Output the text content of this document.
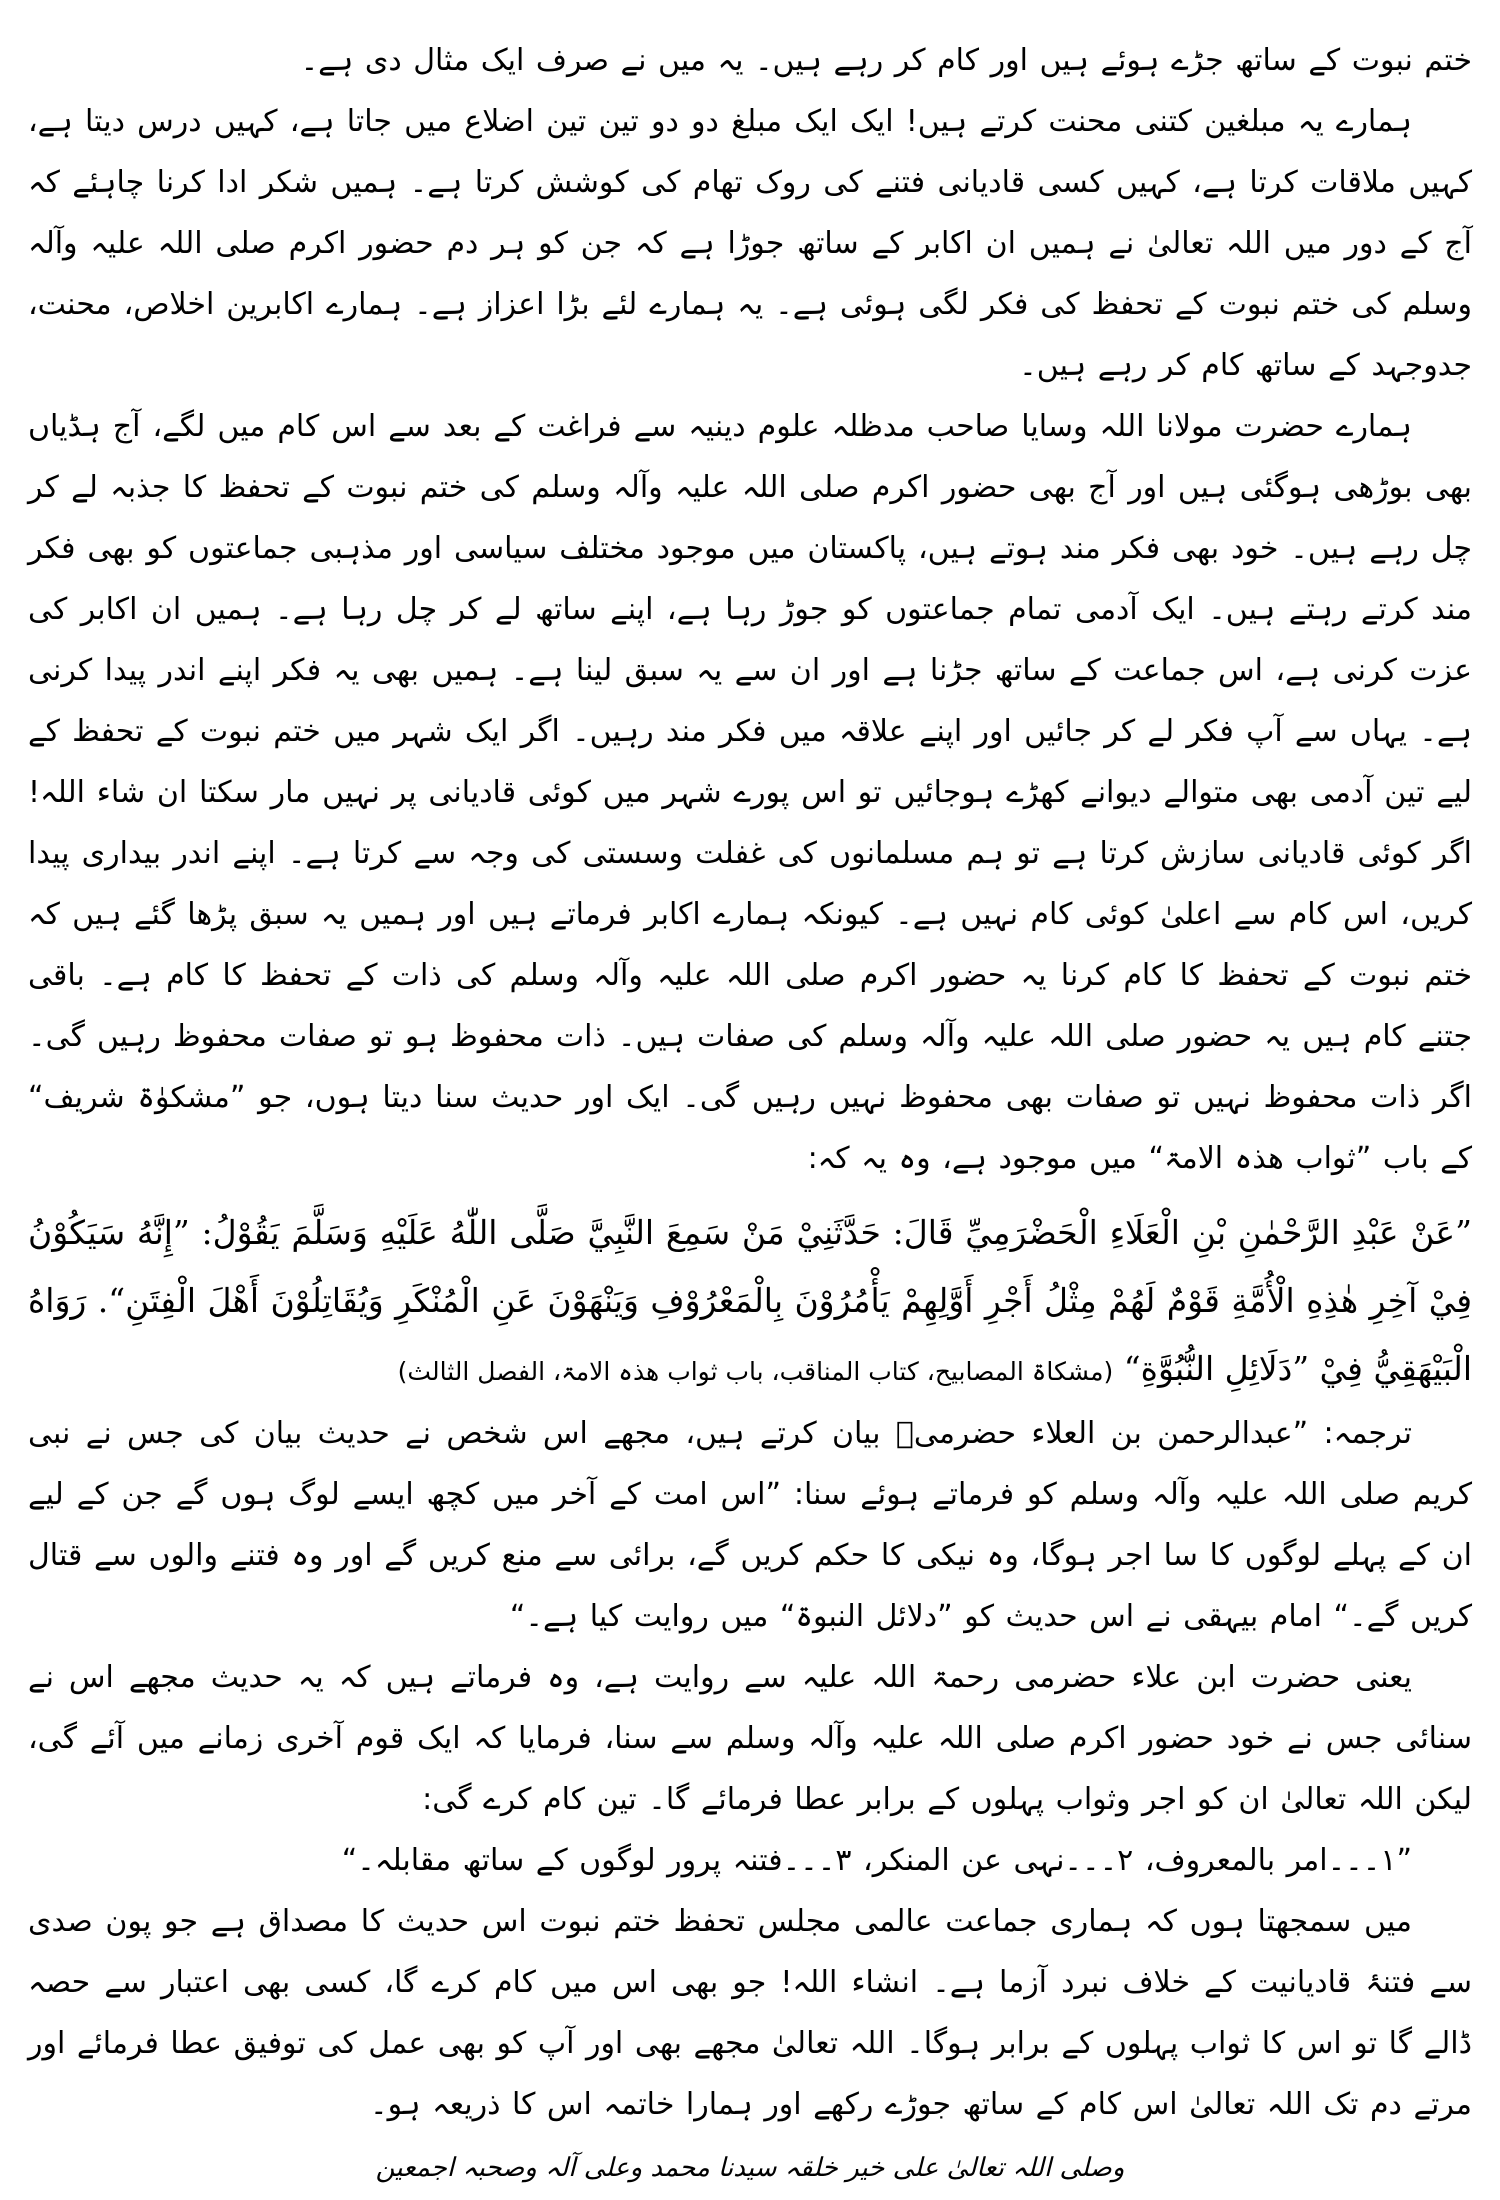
ختم نبوت کے ساتھ جڑے ہوئے ہیں اور کام کر رہے ہیں۔ یہ میں نے صرف ایک مثال دی ہے۔

ہمارے یہ مبلغین کتنی محنت کرتے ہیں! ایک ایک مبلغ دو دو تین تین اضلاع میں جاتا ہے، کہیں درس دیتا ہے، کہیں ملاقات کرتا ہے، کہیں کسی قادیانی فتنے کی روک تھام کی کوشش کرتا ہے۔ ہمیں شکر ادا کرنا چاہئے کہ آج کے دور میں اللہ تعالیٰ نے ہمیں ان اکابر کے ساتھ جوڑا ہے کہ جن کو ہر دم حضور اکرم صلی اللہ علیہ وآلہ وسلم کی ختم نبوت کے تحفظ کی فکر لگی ہوئی ہے۔ یہ ہمارے لئے بڑا اعزاز ہے۔ ہمارے اکابرین اخلاص، محنت، جدوجہد کے ساتھ کام کر رہے ہیں۔

ہمارے حضرت مولانا اللہ وسایا صاحب مدظلہ علوم دینیہ سے فراغت کے بعد سے اس کام میں لگے، آج ہڈیاں بھی بوڑھی ہوگئی ہیں اور آج بھی حضور اکرم صلی اللہ علیہ وآلہ وسلم کی ختم نبوت کے تحفظ کا جذبہ لے کر چل رہے ہیں۔ خود بھی فکر مند ہوتے ہیں، پاکستان میں موجود مختلف سیاسی اور مذہبی جماعتوں کو بھی فکر مند کرتے رہتے ہیں۔ ایک آدمی تمام جماعتوں کو جوڑ رہا ہے، اپنے ساتھ لے کر چل رہا ہے۔ ہمیں ان اکابر کی عزت کرنی ہے، اس جماعت کے ساتھ جڑنا ہے اور ان سے یہ سبق لینا ہے۔ ہمیں بھی یہ فکر اپنے اندر پیدا کرنی ہے۔ یہاں سے آپ فکر لے کر جائیں اور اپنے علاقہ میں فکر مند رہیں۔ اگر ایک شہر میں ختم نبوت کے تحفظ کے لیے تین آدمی بھی متوالے دیوانے کھڑے ہوجائیں تو اس پورے شہر میں کوئی قادیانی پر نہیں مار سکتا ان شاء اللہ! اگر کوئی قادیانی سازش کرتا ہے تو ہم مسلمانوں کی غفلت وسستی کی وجہ سے کرتا ہے۔ اپنے اندر بیداری پیدا کریں، اس کام سے اعلیٰ کوئی کام نہیں ہے۔ کیونکہ ہمارے اکابر فرماتے ہیں اور ہمیں یہ سبق پڑھا گئے ہیں کہ ختم نبوت کے تحفظ کا کام کرنا یہ حضور اکرم صلی اللہ علیہ وآلہ وسلم کی ذات کے تحفظ کا کام ہے۔ باقی جتنے کام ہیں یہ حضور صلی اللہ علیہ وآلہ وسلم کی صفات ہیں۔ ذات محفوظ ہو تو صفات محفوظ رہیں گی۔ اگر ذات محفوظ نہیں تو صفات بھی محفوظ نہیں رہیں گی۔ ایک اور حدیث سنا دیتا ہوں، جو ”مشکوٰۃ شریف“ کے باب ”ثواب ھذہ الامۃ“ میں موجود ہے، وہ یہ کہ:

”عَنْ عَبْدِ الرَّحْمٰنِ بْنِ الْعَلَاءِ الْحَضْرَمِيِّ قَالَ: حَدَّثَنِيْ مَنْ سَمِعَ النَّبِيَّ صَلَّى اللّٰهُ عَلَيْهِ وَسَلَّمَ يَقُوْلُ: ”إِنَّهُ سَيَكُوْنُ فِيْ آخِرِ هٰذِهِ الْأُمَّةِ قَوْمٌ لَهُمْ مِثْلُ أَجْرِ أَوَّلِهِمْ يَأْمُرُوْنَ بِالْمَعْرُوْفِ وَيَنْهَوْنَ عَنِ الْمُنْكَرِ وَيُقَاتِلُوْنَ أَهْلَ الْفِتَنِ“. رَوَاهُ الْبَيْهَقِيُّ فِيْ ”دَلَائِلِ النُّبُوَّةِ“ (مشکاۃ المصابیح، کتاب المناقب، باب ثواب ھذہ الامۃ، الفصل الثالث)

ترجمہ: ”عبدالرحمن بن العلاء حضرمیؒ بیان کرتے ہیں، مجھے اس شخص نے حدیث بیان کی جس نے نبی کریم صلی اللہ علیہ وآلہ وسلم کو فرماتے ہوئے سنا: ”اس امت کے آخر میں کچھ ایسے لوگ ہوں گے جن کے لیے ان کے پہلے لوگوں کا سا اجر ہوگا، وہ نیکی کا حکم کریں گے، برائی سے منع کریں گے اور وہ فتنے والوں سے قتال کریں گے۔“ امام بیہقی نے اس حدیث کو ”دلائل النبوۃ“ میں روایت کیا ہے۔“

یعنی حضرت ابن علاء حضرمی رحمۃ اللہ علیہ سے روایت ہے، وہ فرماتے ہیں کہ یہ حدیث مجھے اس نے سنائی جس نے خود حضور اکرم صلی اللہ علیہ وآلہ وسلم سے سنا، فرمایا کہ ایک قوم آخری زمانے میں آئے گی، لیکن اللہ تعالیٰ ان کو اجر وثواب پہلوں کے برابر عطا فرمائے گا۔ تین کام کرے گی:

”۱۔۔۔امر بالمعروف، ۲۔۔۔نہی عن المنکر، ۳۔۔۔فتنہ پرور لوگوں کے ساتھ مقابلہ۔“

میں سمجھتا ہوں کہ ہماری جماعت عالمی مجلس تحفظ ختم نبوت اس حدیث کا مصداق ہے جو پون صدی سے فتنۂ قادیانیت کے خلاف نبرد آزما ہے۔ انشاء اللہ! جو بھی اس میں کام کرے گا، کسی بھی اعتبار سے حصہ ڈالے گا تو اس کا ثواب پہلوں کے برابر ہوگا۔ اللہ تعالیٰ مجھے بھی اور آپ کو بھی عمل کی توفیق عطا فرمائے اور مرتے دم تک اللہ تعالیٰ اس کام کے ساتھ جوڑے رکھے اور ہمارا خاتمہ اس کا ذریعہ ہو۔

وصلی اللہ تعالیٰ علی خیر خلقہ سیدنا محمد وعلی آلہ وصحبہ اجمعین
